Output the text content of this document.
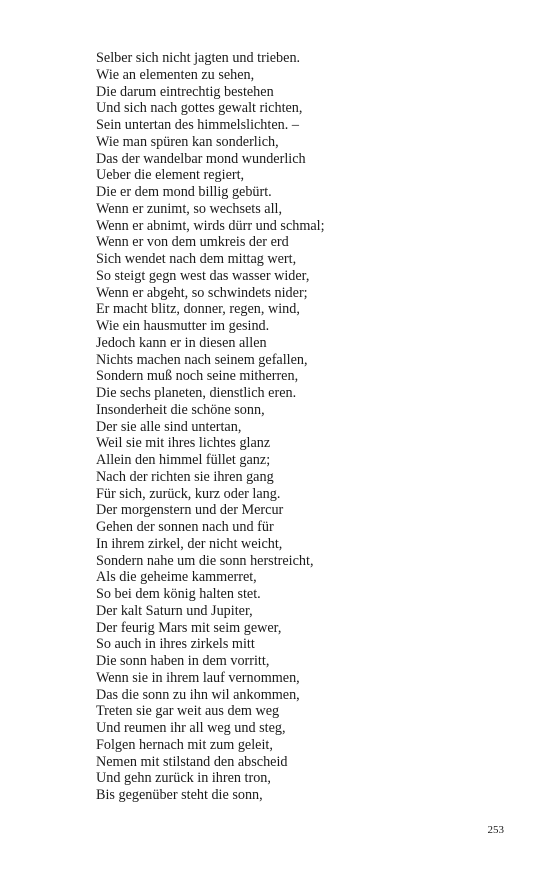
Selber sich nicht jagten und trieben.
Wie an elementen zu sehen,
Die darum eintrechtig bestehen
Und sich nach gottes gewalt richten,
Sein untertan des himmelslichten. –
Wie man spüren kan sonderlich,
Das der wandelbar mond wunderlich
Ueber die element regiert,
Die er dem mond billig gebürt.
Wenn er zunimt, so wechsets all,
Wenn er abnimt, wirds dürr und schmal;
Wenn er von dem umkreis der erd
Sich wendet nach dem mittag wert,
So steigt gegn west das wasser wider,
Wenn er abgeht, so schwindets nider;
Er macht blitz, donner, regen, wind,
Wie ein hausmutter im gesind.
Jedoch kann er in diesen allen
Nichts machen nach seinem gefallen,
Sondern muß noch seine mitherren,
Die sechs planeten, dienstlich eren.
Insonderheit die schöne sonn,
Der sie alle sind untertan,
Weil sie mit ihres lichtes glanz
Allein den himmel füllet ganz;
Nach der richten sie ihren gang
Für sich, zurück, kurz oder lang.
Der morgenstern und der Mercur
Gehen der sonnen nach und für
In ihrem zirkel, der nicht weicht,
Sondern nahe um die sonn herstreicht,
Als die geheime kammerret,
So bei dem könig halten stet.
Der kalt Saturn und Jupiter,
Der feurig Mars mit seim gewer,
So auch in ihres zirkels mitt
Die sonn haben in dem vorritt,
Wenn sie in ihrem lauf vernommen,
Das die sonn zu ihn wil ankommen,
Treten sie gar weit aus dem weg
Und reumen ihr all weg und steg,
Folgen hernach mit zum geleit,
Nemen mit stilstand den abscheid
Und gehn zurück in ihren tron,
Bis gegenüber steht die sonn,
253
